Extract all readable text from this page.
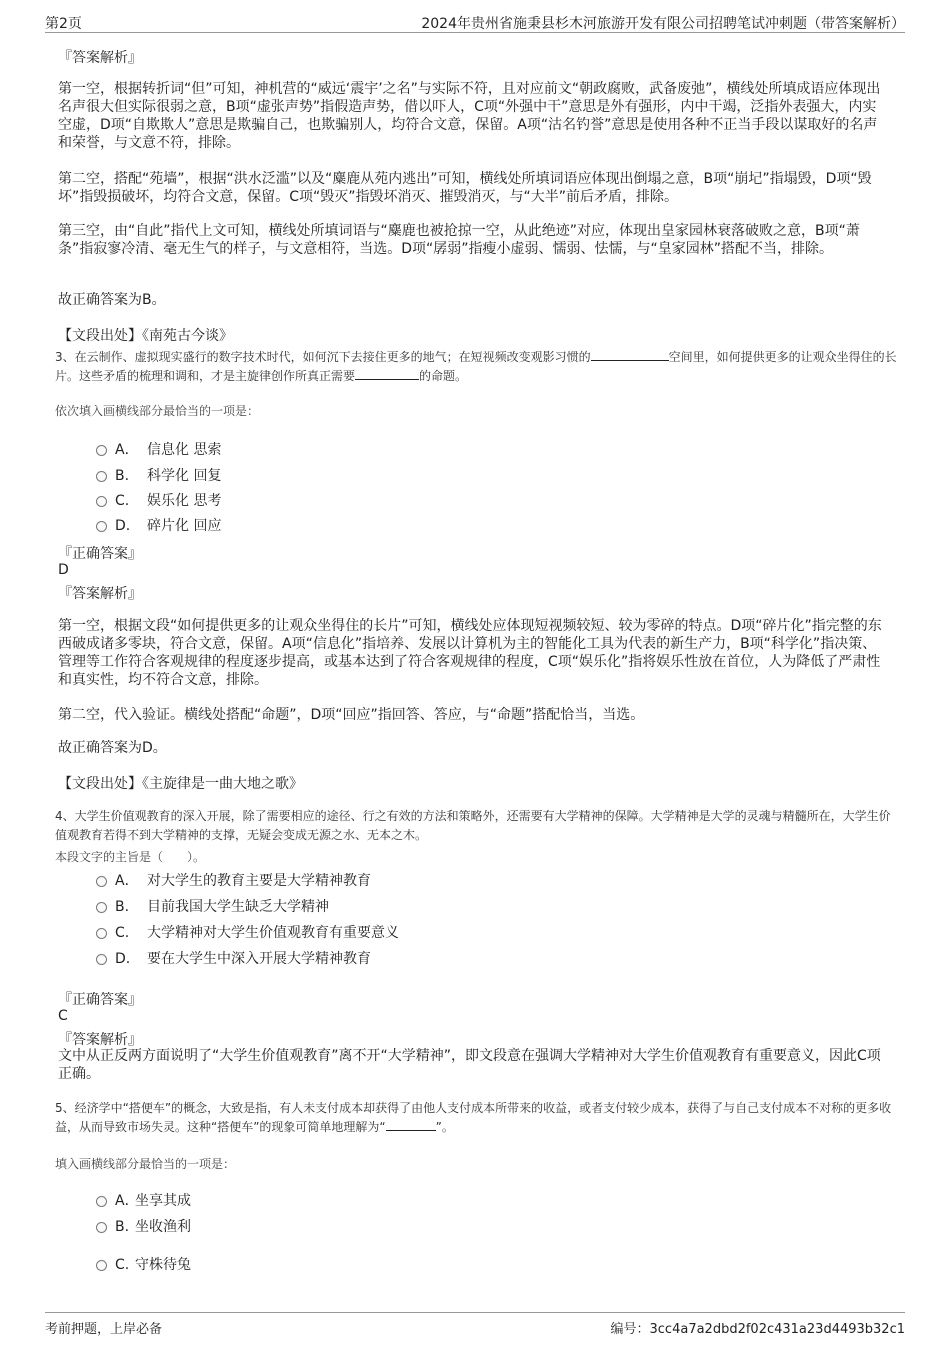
第2页	2024年贵州省施秉县杉木河旅游开发有限公司招聘笔试冲刺题（带答案解析）
『答案解析』
第一空，根据转折词“但”可知，神机营的“威远‘震宇’之名”与实际不符，且对应前文“朝政腐败，武备废弛”，横线处所填成语应体现出名声很大但实际很弱之意，B项“虚张声势”指假造声势，借以吓人，C项“外强中干”意思是外有强形，内中干竭，泛指外表强大，内实空虚，D项“自欺欺人”意思是欺骗自己，也欺骗别人，均符合文意，保留。A项“沽名钓誉”意思是使用各种不正当手段以谋取好的名声和荣誉，与文意不符，排除。
第二空，搭配“苑墙”，根据“洪水泛滥”以及“麋鹿从苑内逃出”可知，横线处所填词语应体现出倒塌之意，B项“崩圮”指塌毁，D项“毁坏”指毁损破坏，均符合文意，保留。C项“毁灭”指毁坏消灭、摧毁消灭，与“大半”前后矛盾，排除。
第三空，由“自此”指代上文可知，横线处所填词语与“麋鹿也被抢掠一空，从此绝迹”对应，体现出皇家园林衰落破败之意，B项“萧条”指寂寥冷清、毫无生气的样子，与文意相符，当选。D项“孱弱”指瘦小虚弱、懦弱、怯懦，与“皇家园林”搭配不当，排除。
故正确答案为B。
【文段出处】《南苑古今谈》
3、在云制作、虚拟现实盛行的数字技术时代，如何沉下去接住更多的地气；在短视频改变观影习惯的	空间里，如何提供更多的让观众坐得住的长片。这些矛盾的梳理和调和，才是主旋律创作所真正需要	的命题。
依次填入画横线部分最恰当的一项是：
A． 信息化 思索
B. 科学化 回复
C. 娱乐化 思考
D. 碎片化 回应
『正确答案』
D
『答案解析』
第一空，根据文段“如何提供更多的让观众坐得住的长片”可知，横线处应体现短视频较短、较为零碎的特点。D项“碎片化”指完整的东西破成诸多零块，符合文意，保留。A项“信息化”指培养、发展以计算机为主的智能化工具为代表的新生产力，B项“科学化”指决策、管理等工作符合客观规律的程度逐步提高，或基本达到了符合客观规律的程度，C项“娱乐化”指将娱乐性放在首位，人为降低了严肃性和真实性，均不符合文意，排除。
第二空，代入验证。横线处搭配“命题”，D项“回应”指回答、答应，与“命题”搭配恰当，当选。
故正确答案为D。
【文段出处】《主旋律是一曲大地之歌》
4、大学生价值观教育的深入开展，除了需要相应的途径、行之有效的方法和策略外，还需要有大学精神的保障。大学精神是大学的灵魂与精髓所在，大学生价值观教育若得不到大学精神的支撑，无疑会变成无源之水、无本之木。
本段文字的主旨是（　　）。
A． 对大学生的教育主要是大学精神教育
B. 目前我国大学生缺乏大学精神
C. 大学精神对大学生价值观教育有重要意义
D. 要在大学生中深入开展大学精神教育
『正确答案』
C
『答案解析』
文中从正反两方面说明了“大学生价值观教育”离不开“大学精神”，即文段意在强调大学精神对大学生价值观教育有重要意义，因此C项正确。
5、经济学中“搭便车”的概念，大致是指，有人未支付成本却获得了由他人支付成本所带来的收益，或者支付较少成本，获得了与自己支付成本不对称的更多收益，从而导致市场失灵。这种“搭便车”的现象可简单地理解为“	”。
填入画横线部分最恰当的一项是：
A．坐享其成
B. 坐收渔利
C. 守株待兔
考前押题，上岸必备	编号：3cc4a7a2dbd2f02c431a23d4493b32c1
